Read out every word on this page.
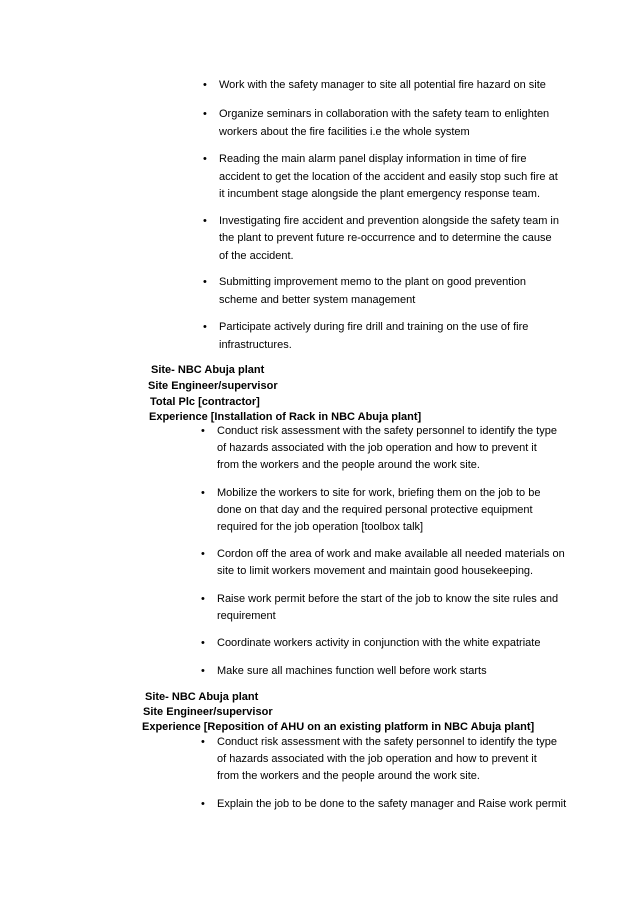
• Work with the safety manager to site all potential fire hazard on site
• Organize seminars in collaboration with the safety team to enlighten
workers about the fire facilities i.e the whole system
• Reading the main alarm panel display information in time of fire
accident to get the location of the accident and easily stop such fire at
it incumbent stage alongside the plant emergency response team.
• Investigating fire accident and prevention alongside the safety team in
the plant to prevent future re-occurrence and to determine the cause
of the accident.
• Submitting improvement memo to the plant on good prevention
scheme and better system management
• Participate actively during fire drill and training on the use of fire
infrastructures.
Site- NBC Abuja plant
Site Engineer/supervisor
Total Plc [contractor]
Experience [Installation of Rack in NBC Abuja plant]
• Conduct risk assessment with the safety personnel to identify the type
of hazards associated with the job operation and how to prevent it
from the workers and the people around the work site.
• Mobilize the workers to site for work, briefing them on the job to be
done on that day and the required personal protective equipment
required for the job operation [toolbox talk]
• Cordon off the area of work and make available all needed materials on
site to limit workers movement and maintain good housekeeping.
• Raise work permit before the start of the job to know the site rules and
requirement
• Coordinate workers activity in conjunction with the white expatriate
• Make sure all machines function well before work starts
Site- NBC Abuja plant
Site Engineer/supervisor
Experience [Reposition of AHU on an existing platform in NBC Abuja plant]
• Conduct risk assessment with the safety personnel to identify the type
of hazards associated with the job operation and how to prevent it
from the workers and the people around the work site.
• Explain the job to be done to the safety manager and Raise work permit
